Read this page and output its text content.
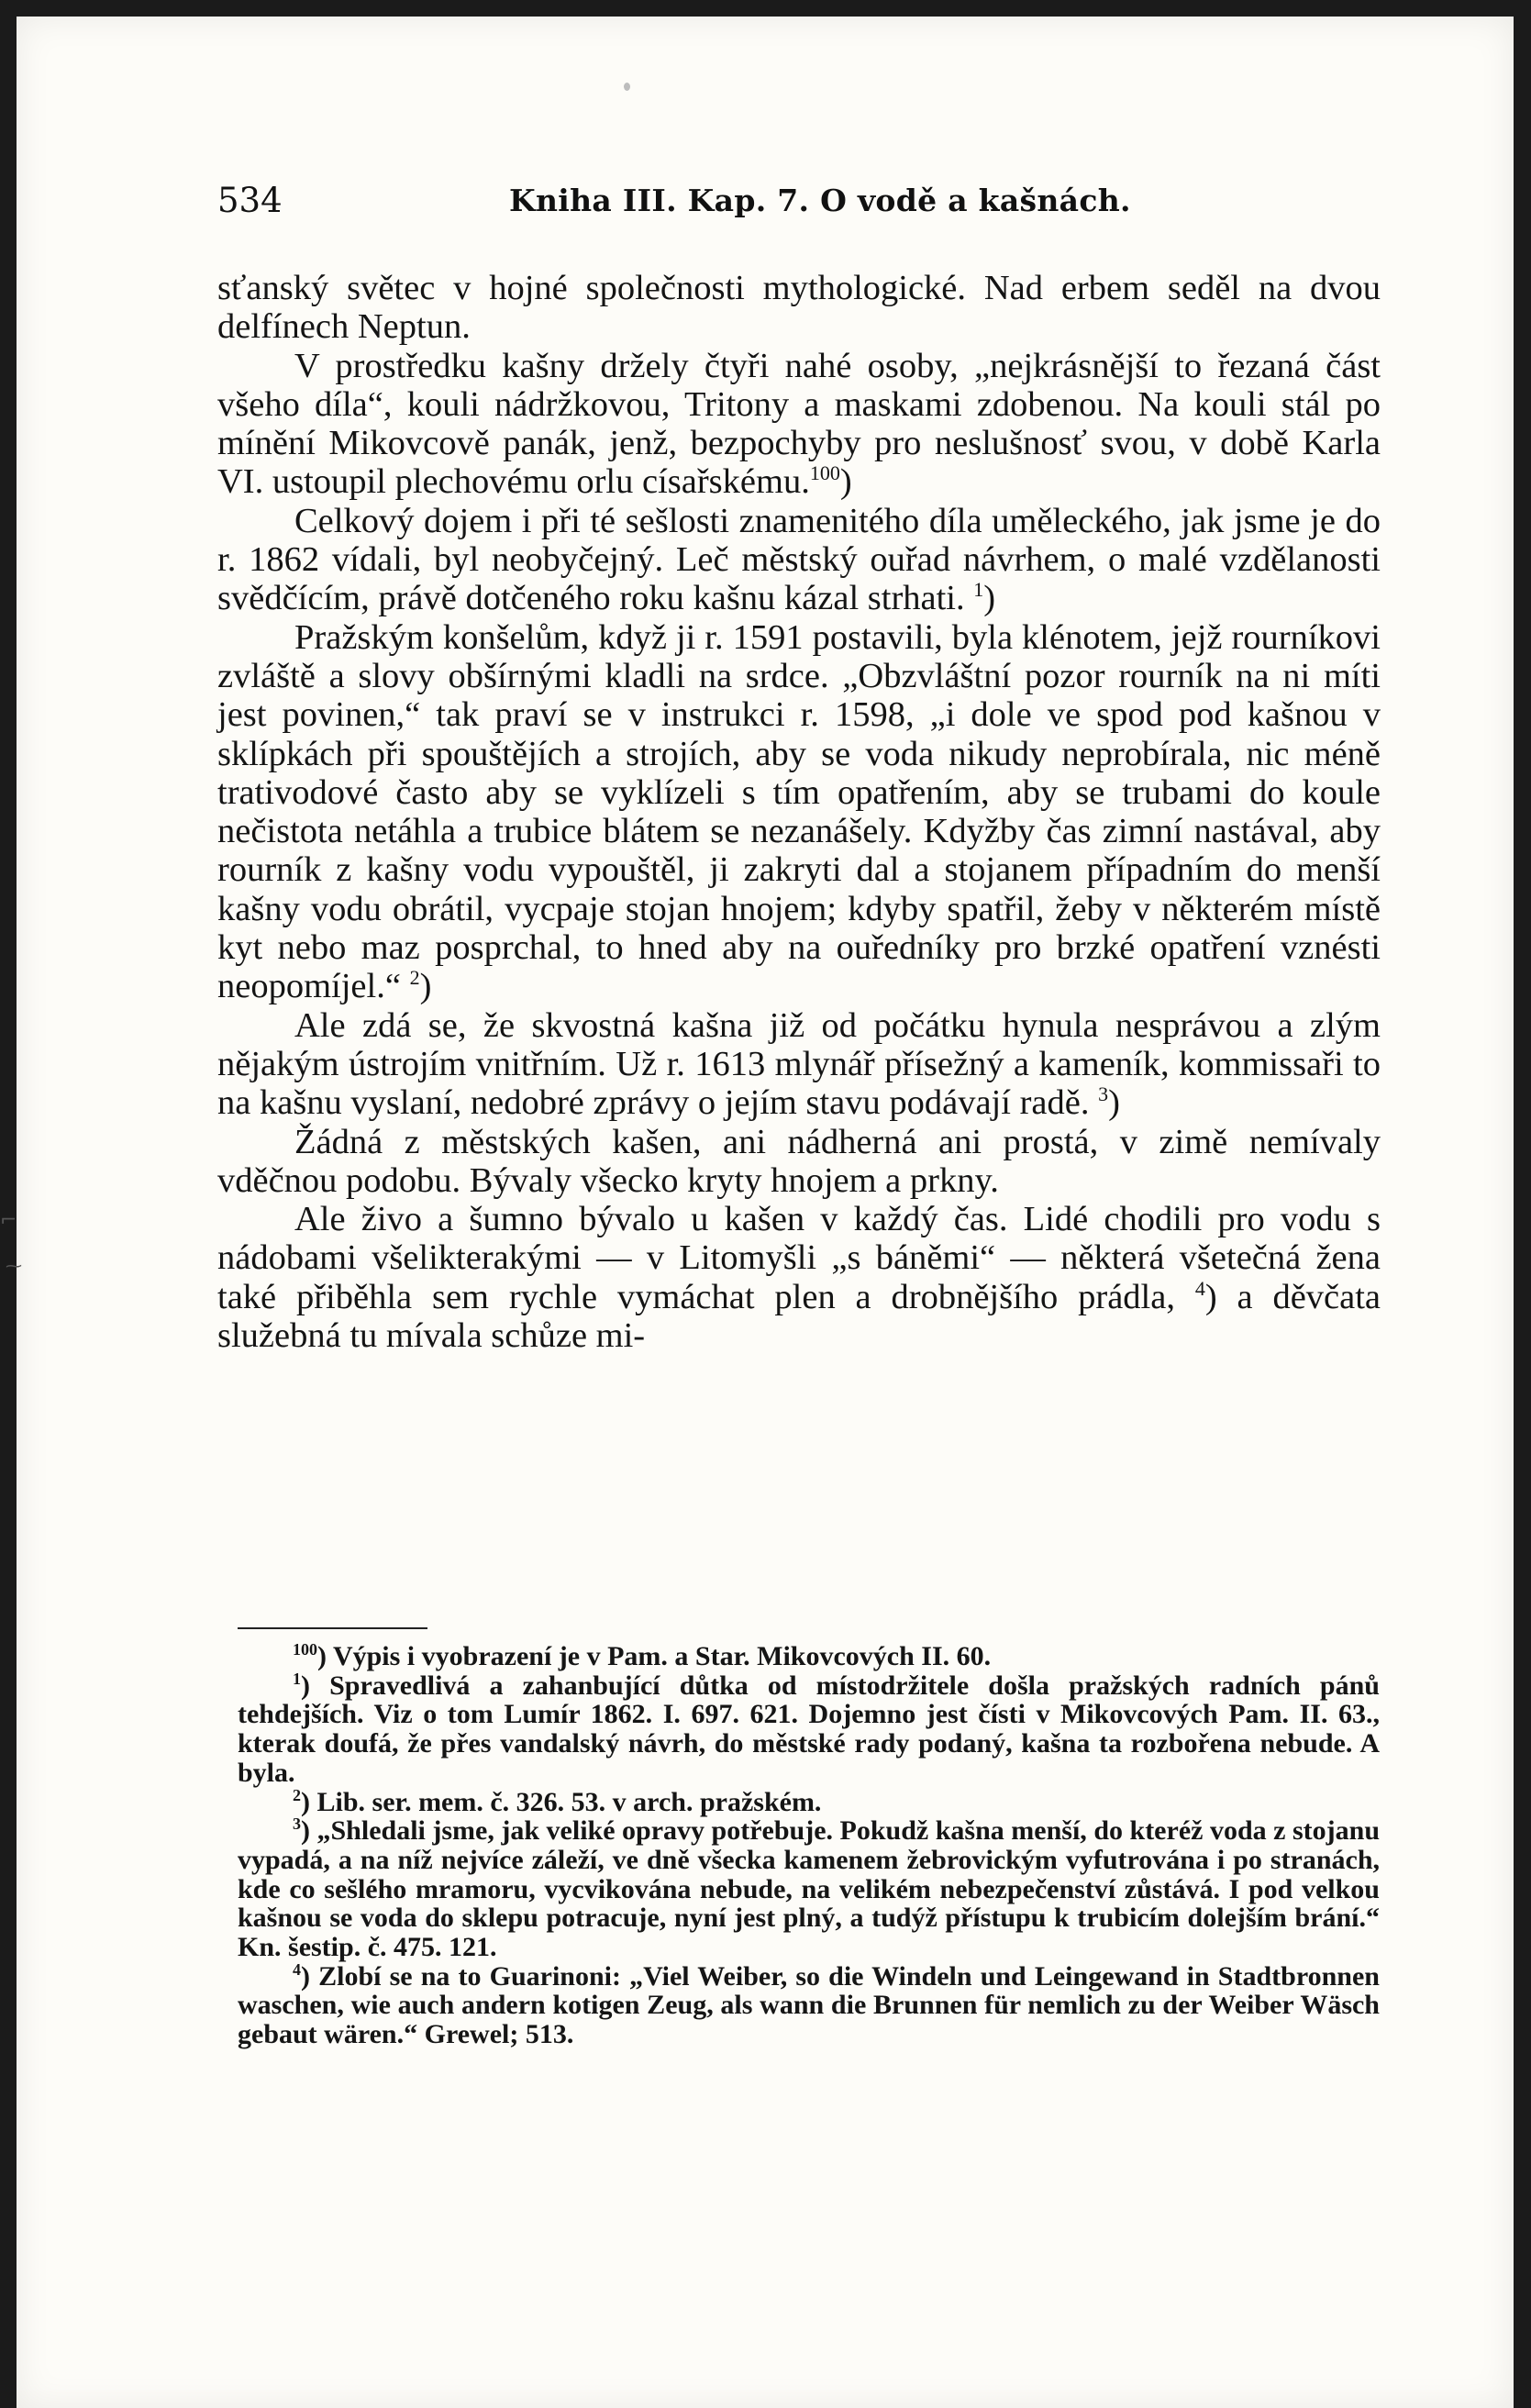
534	Kniha III. Kap. 7. O vodě a kašnách.

sťanský světec v hojné společnosti mythologické. Nad erbem seděl na dvou delfínech Neptun.

V prostředku kašny držely čtyři nahé osoby, „nejkrásnější to řezaná část všeho díla“, kouli nádržkovou, Tritony a maskami zdobenou. Na kouli stál po mínění Mikovcově panák, jenž, bezpochyby pro neslušnosť svou, v době Karla VI. ustoupil plechovému orlu císařskému.$^{100}$)

Celkový dojem i při té sešlosti znamenitého díla uměleckého, jak jsme je do r. 1862 vídali, byl neobyčejný. Leč městský ouřad návrhem, o malé vzdělanosti svědčícím, právě dotčeného roku kašnu kázal strhati. $^1$)

Pražským konšelům, když ji r. 1591 postavili, byla klénotem, jejž rourníkovi zvláště a slovy obšírnými kladli na srdce. „Obzvláštní pozor rourník na ni míti jest povinen,“ tak praví se v instrukci r. 1598, „i dole ve spod pod kašnou v sklípkách při spouštějích a strojích, aby se voda nikudy neprobírala, nic méně trativodové často aby se vyklízeli s tím opatřením, aby se trubami do koule nečistota netáhla a trubice blátem se nezanášely. Kdyžby čas zimní nastával, aby rourník z kašny vodu vypouštěl, ji zakryti dal a stojanem případním do menší kašny vodu obrátil, vycpaje stojan hnojem; kdyby spatřil, žeby v některém místě kyt nebo maz posprchal, to hned aby na ouředníky pro brzké opatření vznésti neopomíjel.“ $^2$)

Ale zdá se, že skvostná kašna již od počátku hynula nesprávou a zlým nějakým ústrojím vnitřním. Už r. 1613 mlynář přísežný a kameník, kommissaři to na kašnu vyslaní, nedobré zprávy o jejím stavu podávají radě. $^3$)

Žádná z městských kašen, ani nádherná ani prostá, v zimě nemívaly vděčnou podobu. Bývaly všecko kryty hnojem a prkny.

Ale živo a šumno bývalo u kašen v každý čas. Lidé chodili pro vodu s nádobami všelikterakými — v Litomyšli „s báněmi“ — některá všetečná žena také přiběhla sem rychle vymáchat plen a drobnějšího prádla, $^4$) a děvčata služebná tu mívala schůze mi-

$^{100}$) Výpis i vyobrazení je v Pam. a Star. Mikovcových II. 60.

$^1$) Spravedlivá a zahanbující důtka od místodržitele došla pražských radních pánů tehdejších. Viz o tom Lumír 1862. I. 697. 621. Dojemno jest čísti v Mikovcových Pam. II. 63., kterak doufá, že přes vandalský návrh, do městské rady podaný, kašna ta rozbořena nebude. A byla.

$^2$) Lib. ser. mem. č. 326. 53. v arch. pražském.

$^3$) „Shledali jsme, jak veliké opravy potřebuje. Pokudž kašna menší, do kteréž voda z stojanu vypadá, a na níž nejvíce záleží, ve dně všecka kamenem žebrovickým vyfutrována i po stranách, kde co sešlého mramoru, vycvikována nebude, na velikém nebezpečenství zůstává. I pod velkou kašnou se voda do sklepu potracuje, nyní jest plný, a tudýž přístupu k trubicím dolejším brání.“ Kn. šestip. č. 475. 121.

$^4$) Zlobí se na to Guarinoni: „Viel Weiber, so die Windeln und Leingewand in Stadtbronnen waschen, wie auch andern kotigen Zeug, als wann die Brunnen für nemlich zu der Weiber Wäsch gebaut wären.“ Grewel; 513.

⌐
⁓
